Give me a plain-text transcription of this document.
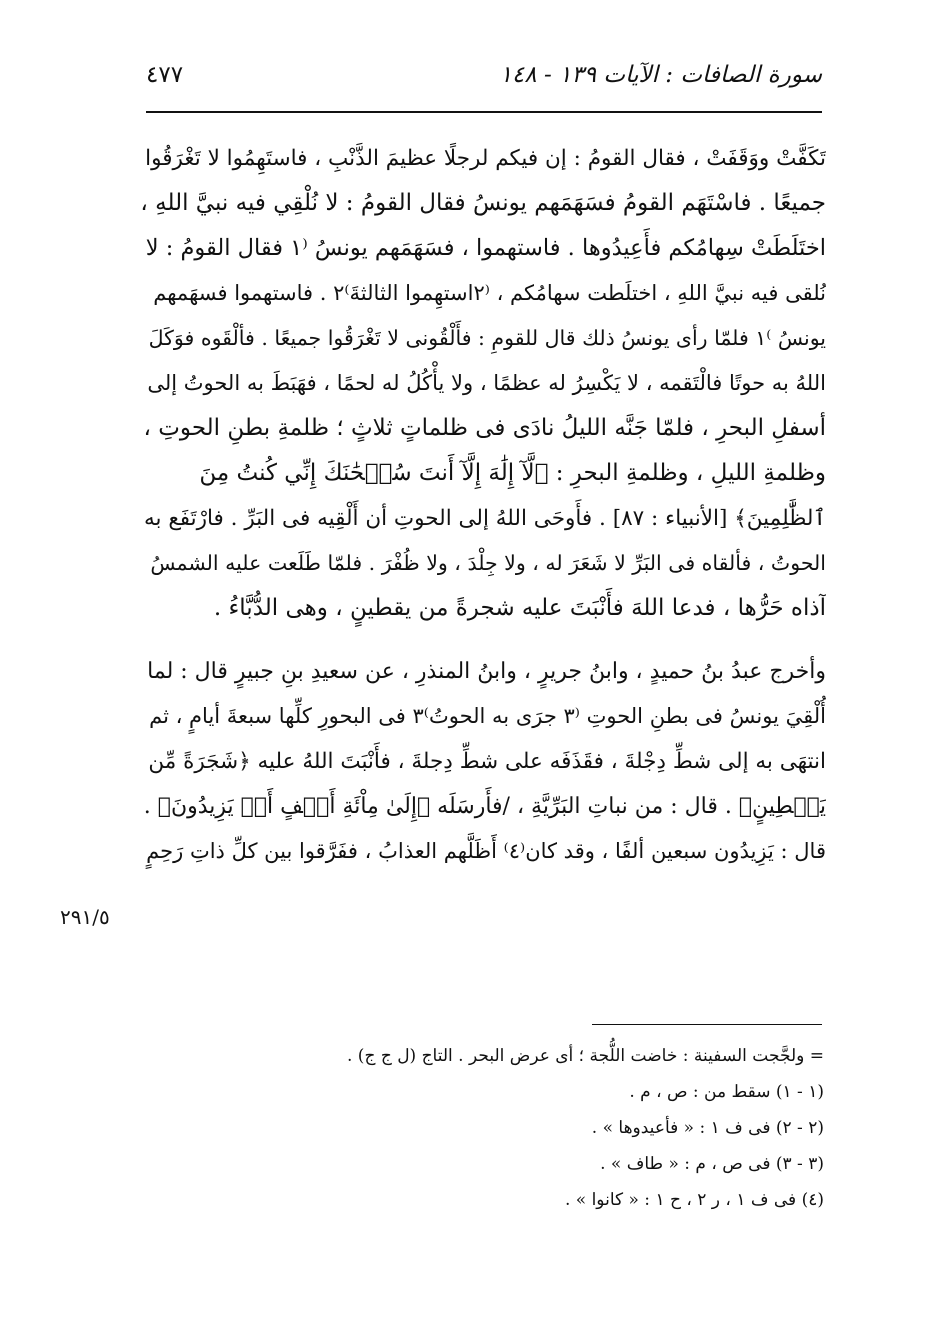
سورة الصافات : الآيات ١٣٩ - ١٤٨
٤٧٧
تَكَفَّتْ ووَقَفَتْ ، فقال القومُ : إن فيكم لرجلًا عظيمَ الذَّنْبِ ، فاستَهِمُوا لا تَغْرَقُوا
جميعًا . فاسْتَهَم القومُ فسَهَمَهم يونسُ فقال القومُ : لا نُلْقِي فيه نبيَّ اللهِ ،
اختَلَطَتْ سِهامُكم فأَعِيدُوها . فاستهموا ، فسَهَمَهم يونسُ ⁽١ فقال القومُ : لا
نُلقى فيه نبيَّ اللهِ ، اختلَطت سهامُكم ، ⁽٢استهِموا الثالثةَ⁾٢ . فاستهموا فسهَمهم
يونسُ ⁾١ فلمّا رأى يونسُ ذلك قال للقومِ : فأَلْقُونى لا تَغْرَقُوا جميعًا . فألْقَوه فوَكَلَ
اللهُ به حوتًا فالْتَقمه ، لا يَكْسِرُ له عظمًا ، ولا يأْكُلُ له لحمًا ، فهَبَطَ به الحوتُ إلى
أسفلِ البحرِ ، فلمّا جَنَّه الليلُ نادَى فى ظلماتٍ ثلاثٍ ؛ ظلمةِ بطنِ الحوتِ ،
وظلمةِ الليلِ ، وظلمةِ البحرِ : ﴿لَّآ إِلَٰهَ إِلَّآ أَنتَ سُبۡحَٰنَكَ إِنِّي كُنتُ مِنَ
ٱلظَّٰلِمِينَ﴾ [الأنبياء : ٨٧] . فأَوحَى اللهُ إلى الحوتِ أن أَلْقِيه فى البَرِّ . فارْتَفَع به
الحوتُ ، فألقاه فى البَرِّ لا شَعَرَ له ، ولا جِلْدَ ، ولا ظُفْرَ . فلمّا طَلَعت عليه الشمسُ
آذاه حَرُّها ، فدعا اللهَ فأَنْبَتَ عليه شجرةً من يقطينٍ ، وهى الدُّبَّاءُ .
وأخرج عبدُ بنُ حميدٍ ، وابنُ جريرٍ ، وابنُ المنذرِ ، عن سعيدِ بنِ جبيرٍ قال : لما
أُلْقِيَ يونسُ فى بطنِ الحوتِ ⁽٣ جرَى به الحوتُ⁾٣ فى البحورِ كلِّها سبعةَ أيامٍ ، ثم
انتهَى به إلى شطِّ دِجْلةَ ، فقَذَفَه على شطِّ دِجلةَ ، فأَنْبَتَ اللهُ عليه ﴿شَجَرَةً مِّن
يَقۡطِينٍ﴾ . قال : من نباتِ البَرِّيَّةِ ، /فأَرسَلَه ﴿إِلَىٰ مِاْئَةِ أَلۡفٍ أَوۡ يَزِيدُونَ﴾ .
قال : يَزِيدُون سبعين ألفًا ، وقد كان⁽٤⁾ أَظَلَّهم العذابُ ، ففَرَّقوا بين كلِّ ذاتِ رَحِمٍ
٢٩١/٥
= ولجَّجت السفينة : خاضت اللُّجة ؛ أى عرض البحر . التاج (ل ج ج) .
(١ - ١) سقط من : ص ، م .
(٢ - ٢) فى ف ١ : « فأعيدوها » .
(٣ - ٣) فى ص ، م : « طاف » .
(٤) فى ف ١ ، ر ٢ ، ح ١ : « كانوا » .
